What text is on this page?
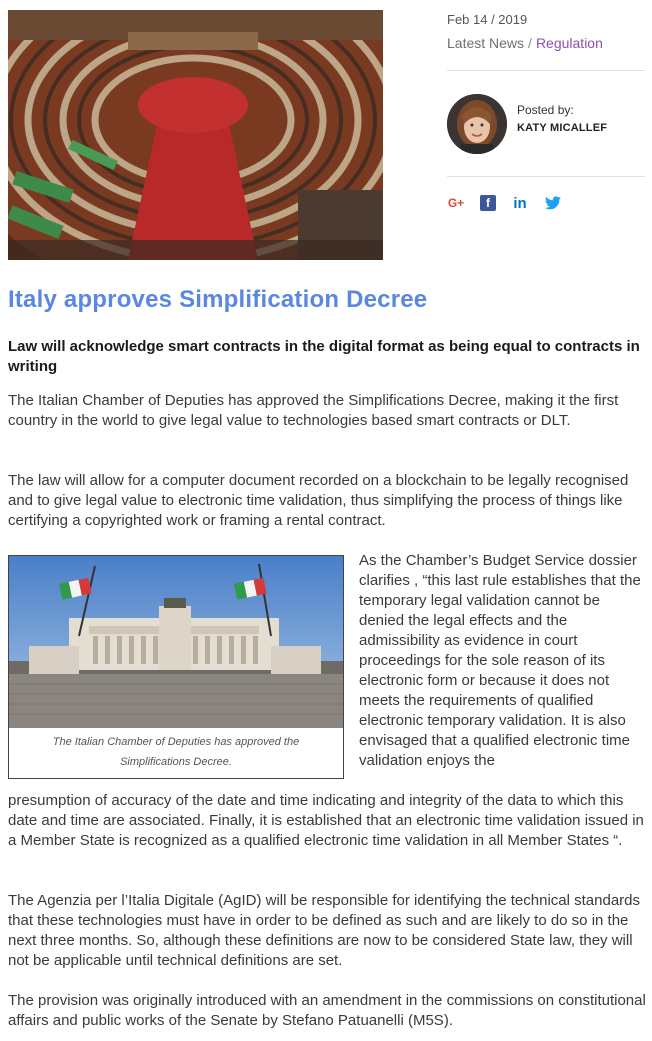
Feb 14 / 2019
Latest News / Regulation
Posted by:
KATY MICALLEF
G+	f	in
Italy approves Simplification Decree
Law will acknowledge smart contracts in the digital format as being equal to contracts in writing

The Italian Chamber of Deputies has approved the Simplifications Decree, making it the first country in the world to give legal value to technologies based smart contracts or DLT.

The law will allow for a computer document recorded on a blockchain to be legally recognised and to give legal value to electronic time validation, thus simplifying the process of things like certifying a copyrighted work or framing a rental contract.

The Italian Chamber of Deputies has approved the Simplifications Decree.

As the Chamber’s Budget Service dossier clarifies , “this last rule establishes that the temporary legal validation cannot be denied the legal effects and the admissibility as evidence in court proceedings for the sole reason of its electronic form or because it does not meets the requirements of qualified electronic temporary validation. It is also envisaged that a qualified electronic time validation enjoys the

presumption of accuracy of the date and time indicating and integrity of the data to which this date and time are associated. Finally, it is established that an electronic time validation issued in a Member State is recognized as a qualified electronic time validation in all Member States “.

The Agenzia per l’Italia Digitale (AgID) will be responsible for identifying the technical standards that these technologies must have in order to be defined as such and are likely to do so in the next three months. So, although these definitions are now to be considered State law, they will not be applicable until technical definitions are set.

The provision was originally introduced with an amendment in the commissions on constitutional affairs and public works of the Senate by Stefano Patuanelli (M5S).
